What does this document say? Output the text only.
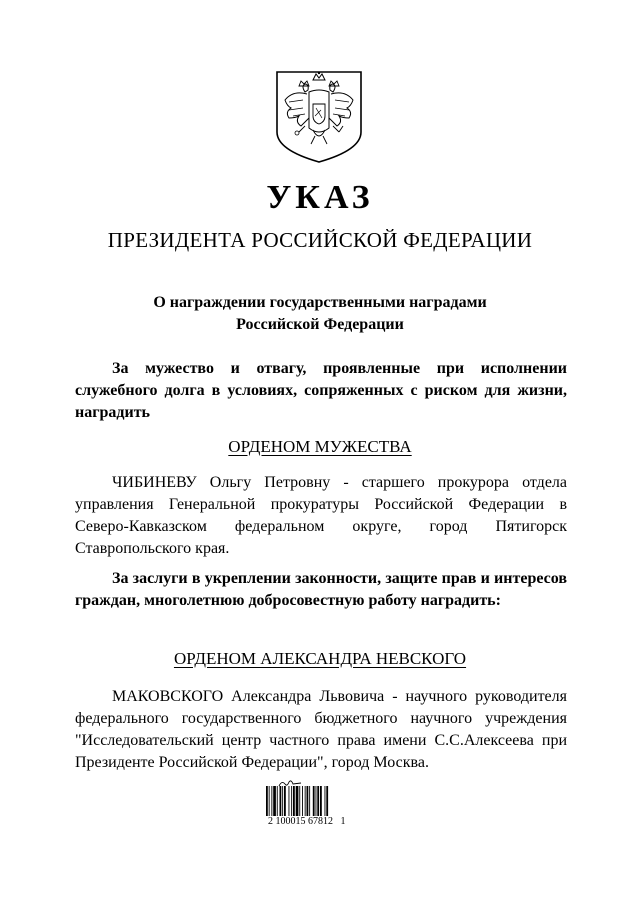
УКАЗ
ПРЕЗИДЕНТА РОССИЙСКОЙ ФЕДЕРАЦИИ
О награждении государственными наградами
Российской Федерации
За мужество и отвагу, проявленные при исполнении служебного долга в условиях, сопряженных с риском для жизни, наградить
ОРДЕНОМ МУЖЕСТВА
ЧИБИНЕВУ Ольгу Петровну - старшего прокурора отдела управления Генеральной прокуратуры Российской Федерации в Северо-Кавказском федеральном округе, город Пятигорск Ставропольского края.
За заслуги в укреплении законности, защите прав и интересов граждан, многолетнюю добросовестную работу наградить:
ОРДЕНОМ АЛЕКСАНДРА НЕВСКОГО
МАКОВСКОГО Александра Львовича - научного руководителя федерального государственного бюджетного научного учреждения "Исследовательский центр частного права имени С.С.Алексеева при Президенте Российской Федерации", город Москва.
2 100015 67812   1
